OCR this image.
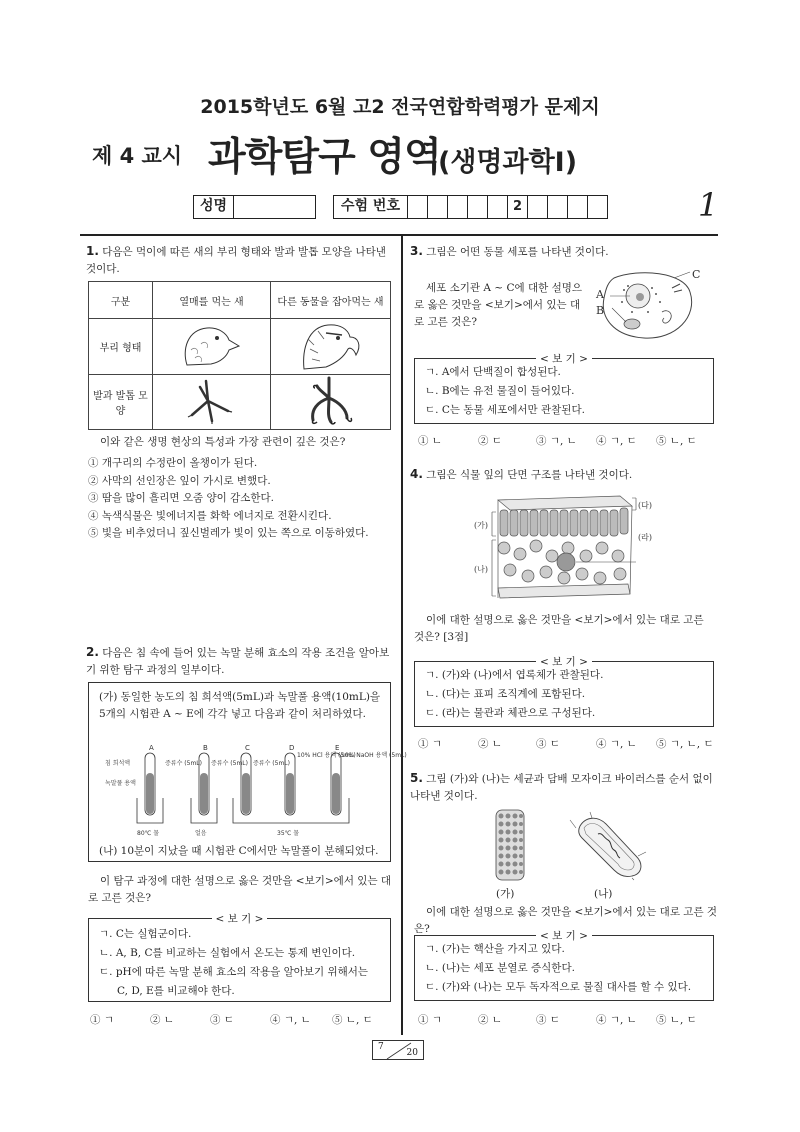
2015학년도 6월 고2 전국연합학력평가 문제지
제 4 교시 과학탐구 영역
(생명과학Ⅰ)
1
성명	수험 번호	2
1. 다음은 먹이에 따른 새의 부리 형태와 발과 발톱 모양을 나타낸 것이다.
구분	열매를 먹는 새	다른 동물을 잡아먹는 새
부리 형태		
발과 발톱 모양		
이와 같은 생명 현상의 특성과 가장 관련이 깊은 것은?
① 개구리의 수정란이 올챙이가 된다.
② 사막의 선인장은 잎이 가시로 변했다.
③ 땀을 많이 흘리면 오줌 양이 감소한다.
④ 녹색식물은 빛에너지를 화학 에너지로 전환시킨다.
⑤ 빛을 비추었더니 짚신벌레가 빛이 있는 쪽으로 이동하였다.
2. 다음은 침 속에 들어 있는 녹말 분해 효소의 작용 조건을 알아보기 위한 탐구 과정의 일부이다.
(가) 동일한 농도의 침 희석액(5mL)과 녹말풀 용액(10mL)을 5개의 시험관 A ~ E에 각각 넣고 다음과 같이 처리하였다.
A	B	C	D	E
침 희석액
녹말풀 용액
증류수 (5mL) 증류수 (5mL) 증류수 (5mL)
10% HCl 용액 (5mL)
10% NaOH 용액 (5mL)
80℃ 물	얼음	35℃ 물
(나) 10분이 지났을 때 시험관 C에서만 녹말풀이 분해되었다.
이 탐구 과정에 대한 설명으로 옳은 것만을 <보기>에서 있는 대로 고른 것은?
< 보 기 >

ㄱ. C는 실험군이다.

ㄴ. A, B, C를 비교하는 실험에서 온도는 통제 변인이다.

ㄷ. pH에 따른 녹말 분해 효소의 작용을 알아보기 위해서는

C, D, E를 비교해야 한다.

① ㄱ	② ㄴ	③ ㄷ	④ ㄱ, ㄴ	⑤ ㄴ, ㄷ
3. 그림은 어떤 동물 세포를 나타낸 것이다.
세포 소기관 A ~ C에 대한 설명으로 옳은 것만을 <보기>에서 있는 대로 고른 것은?
A
B
C
< 보 기 >

ㄱ. A에서 단백질이 합성된다.

ㄴ. B에는 유전 물질이 들어있다.

ㄷ. C는 동물 세포에서만 관찰된다.

① ㄴ	② ㄷ	③ ㄱ, ㄴ	④ ㄱ, ㄷ	⑤ ㄴ, ㄷ
4. 그림은 식물 잎의 단면 구조를 나타낸 것이다.
(가)
(나)
(다)
(라)
이에 대한 설명으로 옳은 것만을 <보기>에서 있는 대로 고른 것은? [3점]
< 보 기 >

ㄱ. (가)와 (나)에서 엽록체가 관찰된다.

ㄴ. (다)는 표피 조직계에 포함된다.

ㄷ. (라)는 물관과 체관으로 구성된다.

① ㄱ	② ㄴ	③ ㄷ	④ ㄱ, ㄴ	⑤ ㄱ, ㄴ, ㄷ
5. 그림 (가)와 (나)는 세균과 담배 모자이크 바이러스를 순서 없이 나타낸 것이다.
(가)	(나)
이에 대한 설명으로 옳은 것만을 <보기>에서 있는 대로 고른 것은?
< 보 기 >

ㄱ. (가)는 핵산을 가지고 있다.

ㄴ. (나)는 세포 분열로 증식한다.

ㄷ. (가)와 (나)는 모두 독자적으로 물질 대사를 할 수 있다.

① ㄱ	② ㄴ	③ ㄷ	④ ㄱ, ㄴ	⑤ ㄴ, ㄷ
7
20
